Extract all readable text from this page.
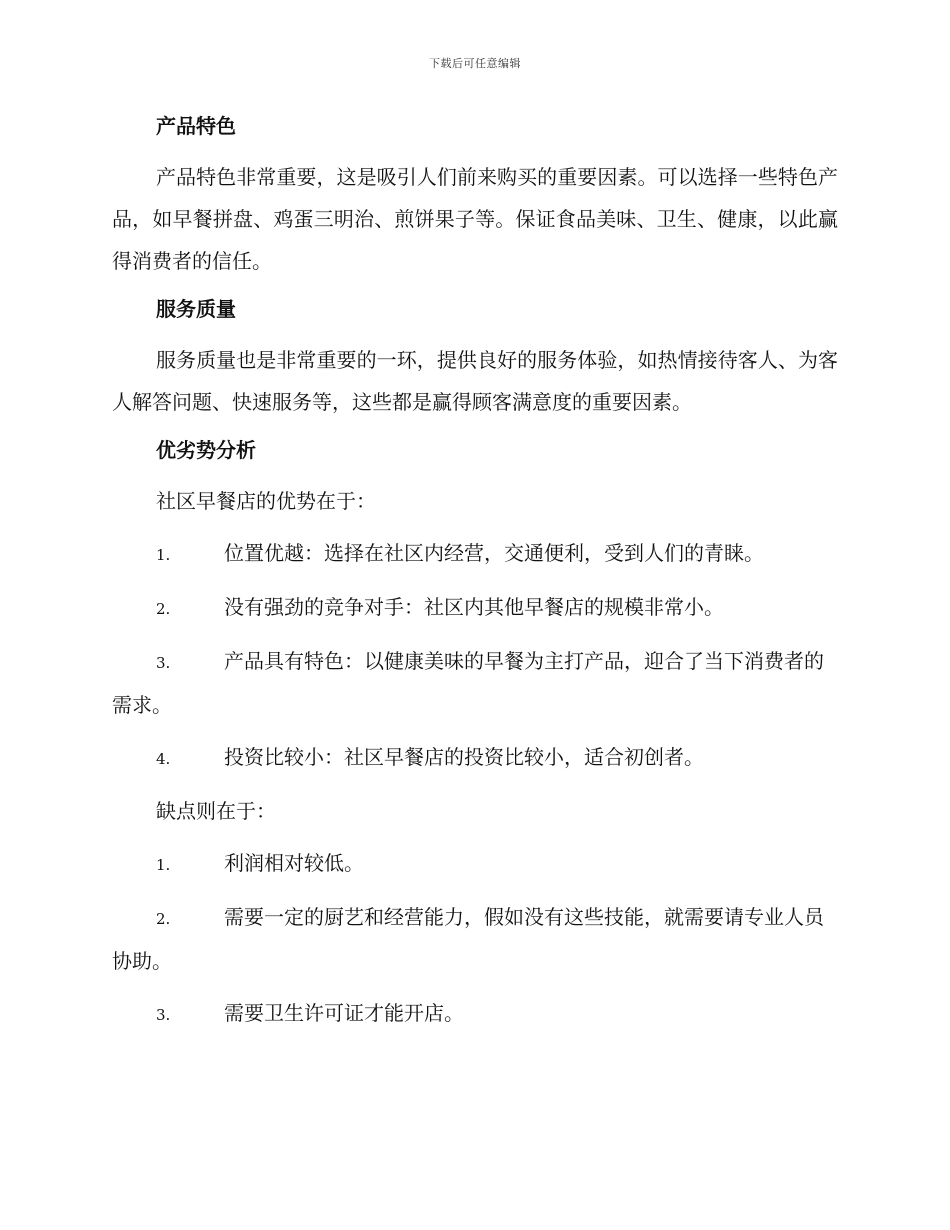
下载后可任意编辑
产品特色
产品特色非常重要，这是吸引人们前来购买的重要因素。可以选择一些特色产品，如早餐拼盘、鸡蛋三明治、煎饼果子等。保证食品美味、卫生、健康，以此赢得消费者的信任。
服务质量
服务质量也是非常重要的一环，提供良好的服务体验，如热情接待客人、为客人解答问题、快速服务等，这些都是赢得顾客满意度的重要因素。
优劣势分析
社区早餐店的优势在于：
1.	位置优越：选择在社区内经营，交通便利，受到人们的青睐。
2.	没有强劲的竞争对手：社区内其他早餐店的规模非常小。
3.	产品具有特色：以健康美味的早餐为主打产品，迎合了当下消费者的需求。
4.	投资比较小：社区早餐店的投资比较小，适合初创者。
缺点则在于：
1.	利润相对较低。
2.	需要一定的厨艺和经营能力，假如没有这些技能，就需要请专业人员协助。
3.	需要卫生许可证才能开店。
